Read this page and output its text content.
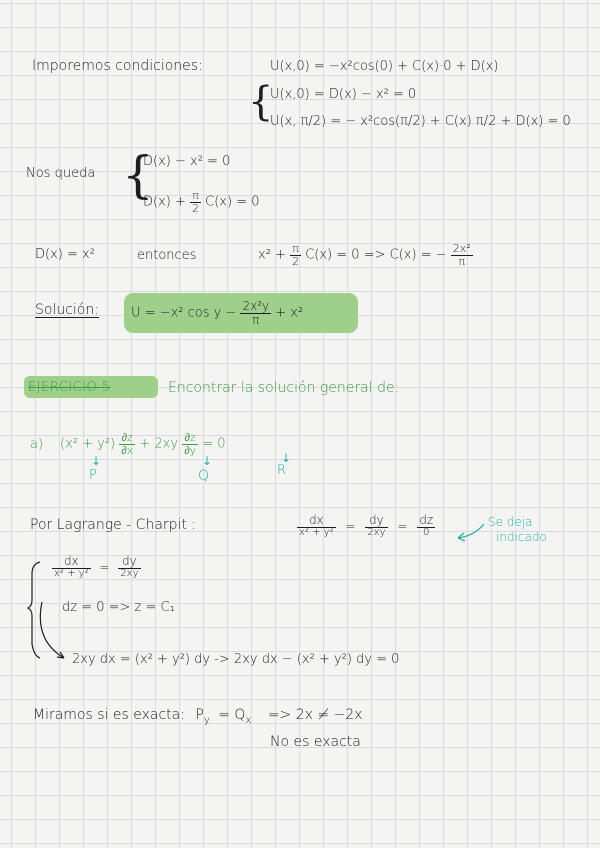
Imporemos condiciones:	U(x,0) = −x²cos(0) + C(x)·0 + D(x)
{
U(x,0) = D(x) − x² = 0
U(x, π/2) = − x²cos(π/2) + C(x) π/2 + D(x) = 0
Nos queda {
D(x) − x² = 0
$D(x) + \frac{\pi}{2} C(x) = 0$
D(x) = x²	entonces	$x^2 + \frac{\pi}{2} C(x) = 0 => C(x)$ = − $\frac{\text{2x²}}{\pi}$
Solución: U = −x² $\cos y - \frac{\text{2x²y}}{\pi} + x^2$
EJERCICIO 5	Encontrar la solución general de:
a) $(x^2 + y^2) \frac{\partial z}{\partial x} + 2xy \frac{\partial z}{\partial y} = 0$
↓
P
↓
Q
↓
R
Por Lagrange - Charpit :	$\frac{dx}{\text{x² + y²}} = \frac{dy}{2xy} = \frac{dz}{0}$	Se deja
indicado
$\frac{dx}{\text{x² + y²}} = \frac{dy}{2xy}$
dz = 0 => z = C₁
2xy dx = (x² + y²) dy -> 2xy dx − (x² + y²) dy = 0
Miramos si es exacta: $P_y = Q_x => 2x \ne -2x$
No es exacta
